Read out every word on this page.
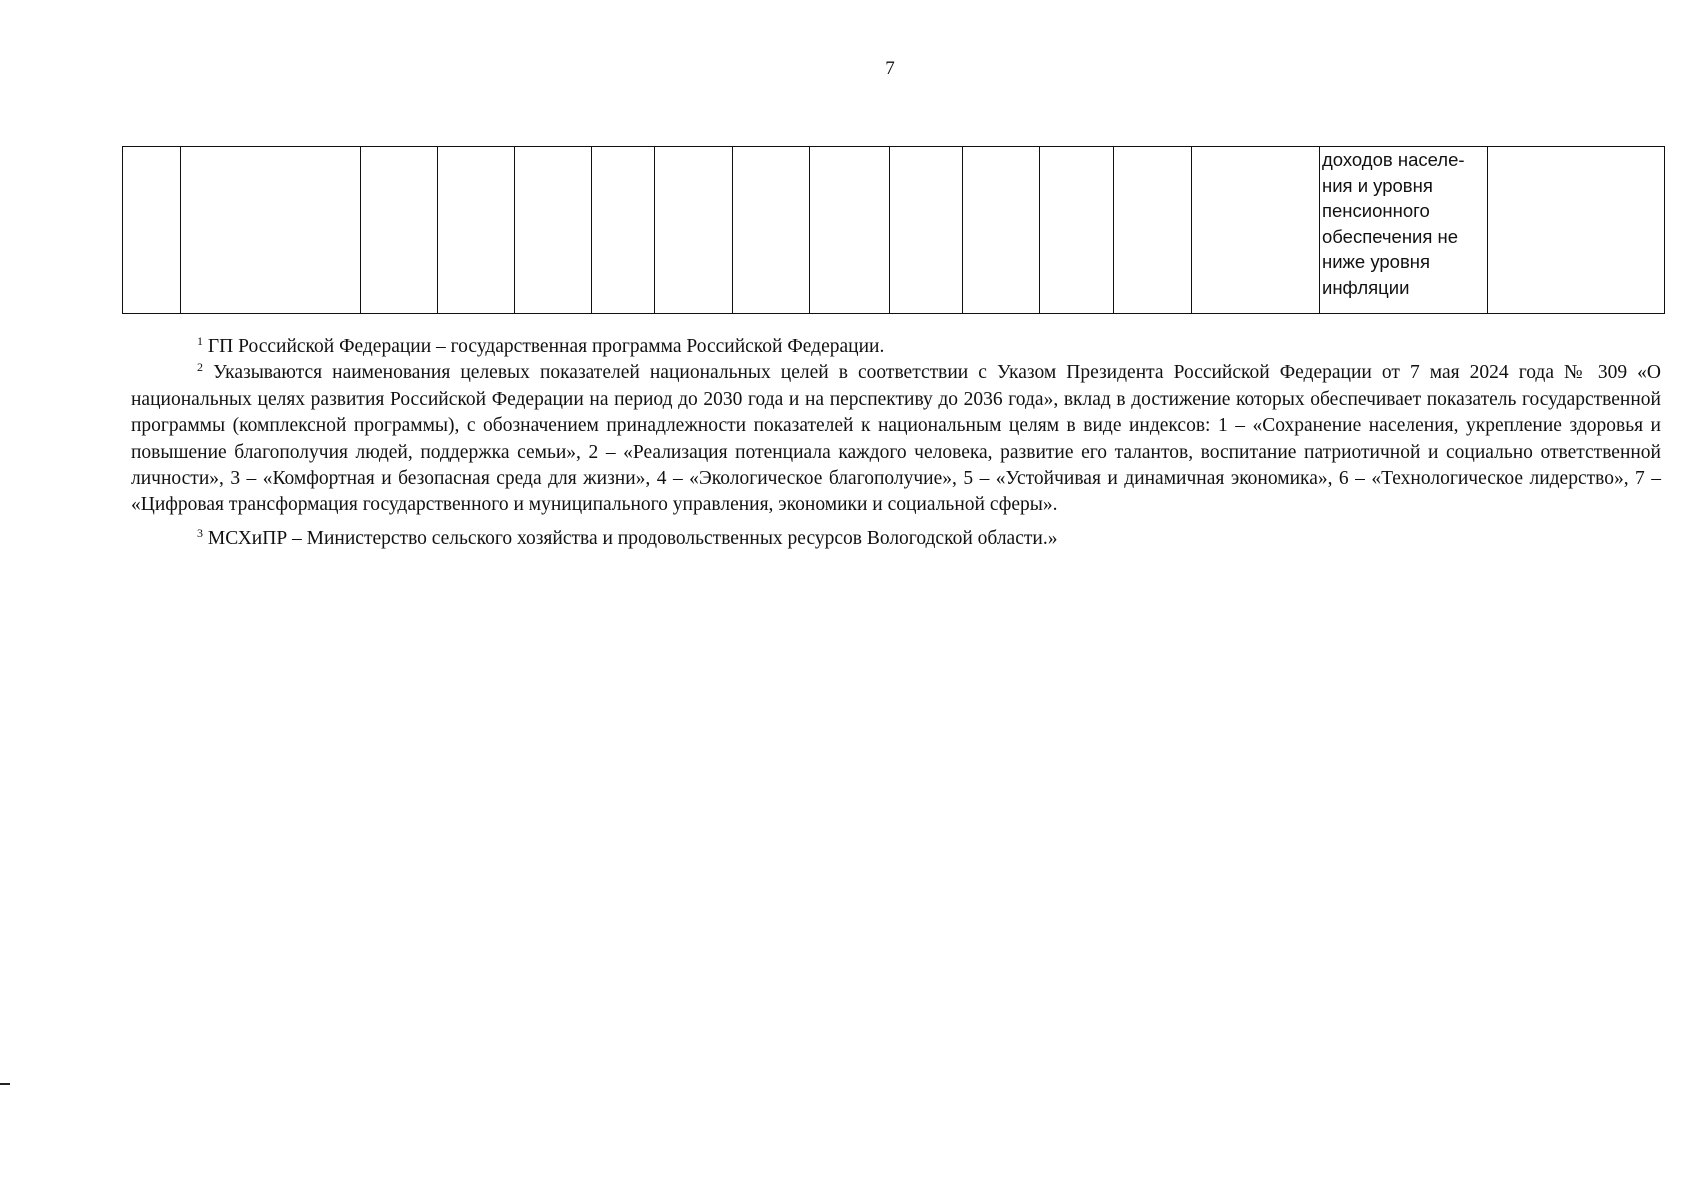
7
														доходов населе-
ния и уровня
пенсионного
обеспечения не
ниже уровня
инфляции	

$^1$ ГП Российской Федерации – государственная программа Российской Федерации.

$^2$ Указываются наименования целевых показателей национальных целей в соответствии с Указом Президента Российской Федерации от 7 мая 2024 года № 309 «О национальных целях развития Российской Федерации на период до 2030 года и на перспективу до 2036 года», вклад в достижение которых обеспечивает показатель государственной программы (комплексной программы), с обозначением принадлежности показателей к национальным целям в виде индексов: 1 – «Сохранение населения, укрепление здоровья и повышение благополучия людей, поддержка семьи», 2 – «Реализация потенциала каждого человека, развитие его талантов, воспитание патриотичной и социально ответственной личности», 3 – «Комфортная и безопасная среда для жизни», 4 – «Экологическое благополучие», 5 – «Устойчивая и динамичная экономика», 6 – «Технологическое лидерство», 7 – «Цифровая трансформация государственного и муниципального управления, экономики и социальной сферы».

$^3$ МСХиПР – Министерство сельского хозяйства и продовольственных ресурсов Вологодской области.»
